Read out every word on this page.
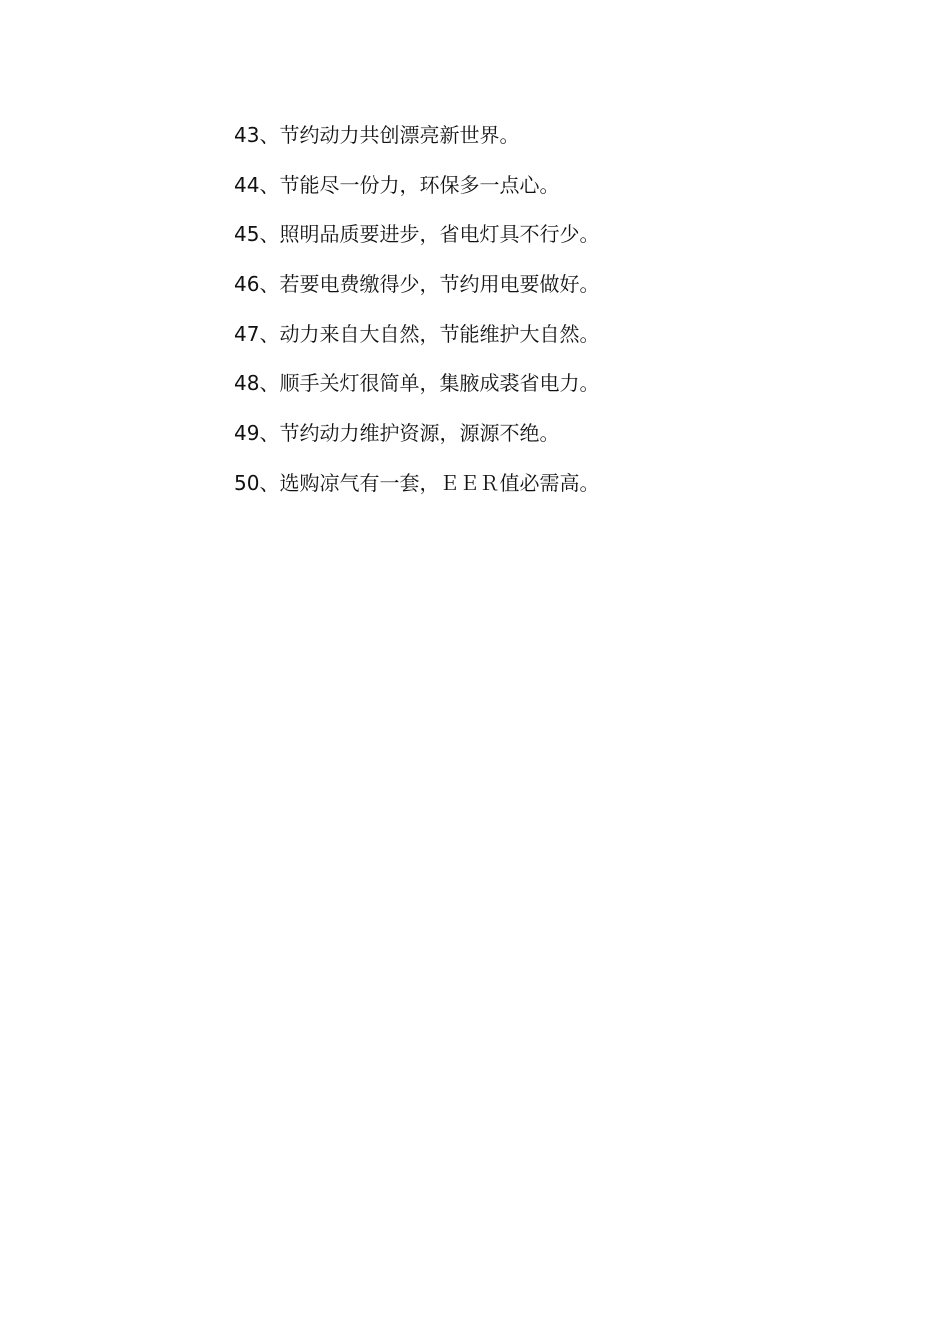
43、节约动力共创漂亮新世界。
44、节能尽一份力，环保多一点心。
45、照明品质要进步，省电灯具不行少。
46、若要电费缴得少，节约用电要做好。
47、动力来自大自然，节能维护大自然。
48、顺手关灯很简单，集腋成裘省电力。
49、节约动力维护资源，源源不绝。
50、选购凉气有一套，ＥＥＲ值必需高。
